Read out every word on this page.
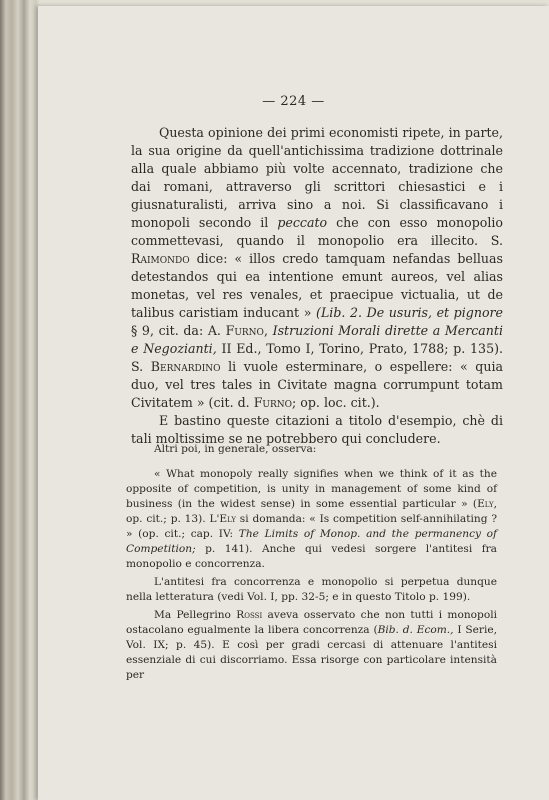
— 224 —

Questa opinione dei primi economisti ripete, in parte, la sua origine da quell'antichissima tradizione dottrinale alla quale abbiamo più volte accennato, tradizione che dai romani, attraverso gli scrittori chiesastici e i giusnaturalisti, arriva sino a noi. Si classificavano i monopoli secondo il peccato che con esso monopolio commettevasi, quando il monopolio era illecito. S. Raimondo dice: « illos credo tamquam nefandas belluas detestandos qui ea intentione emunt aureos, vel alias monetas, vel res venales, et praecipue victualia, ut de talibus caristiam inducant » (Lib. 2. De usuris, et pignore § 9, cit. da: A. Furno, Istruzioni Morali dirette a Mercanti e Negozianti, II Ed., Tomo I, Torino, Prato, 1788; p. 135). S. Bernardino li vuole esterminare, o espellere: « quia duo, vel tres tales in Civitate magna corrumpunt totam Civitatem » (cit. d. Furno; op. loc. cit.).

E bastino queste citazioni a titolo d'esempio, chè di tali moltissime se ne potrebbero qui concludere.

Altri poi, in generale, osserva:

« What monopoly really signifies when we think of it as the opposite of competition, is unity in management of some kind of business (in the widest sense) in some essential particular » (Ely, op. cit.; p. 13). L'Ely si domanda: « Is competition self-annihilating ? » (op. cit.; cap. IV: The Limits of Monop. and the permanency of Competition; p. 141). Anche qui vedesi sorgere l'antitesi fra monopolio e concorrenza.

L'antitesi fra concorrenza e monopolio si perpetua dunque nella letteratura (vedi Vol. I, pp. 32-5; e in questo Titolo p. 199).

Ma Pellegrino Rossi aveva osservato che non tutti i monopoli ostacolano egualmente la libera concorrenza (Bib. d. Ecom., I Serie, Vol. IX; p. 45). E così per gradi cercasi di attenuare l'antitesi essenziale di cui discorriamo. Essa risorge con particolare intensità per
